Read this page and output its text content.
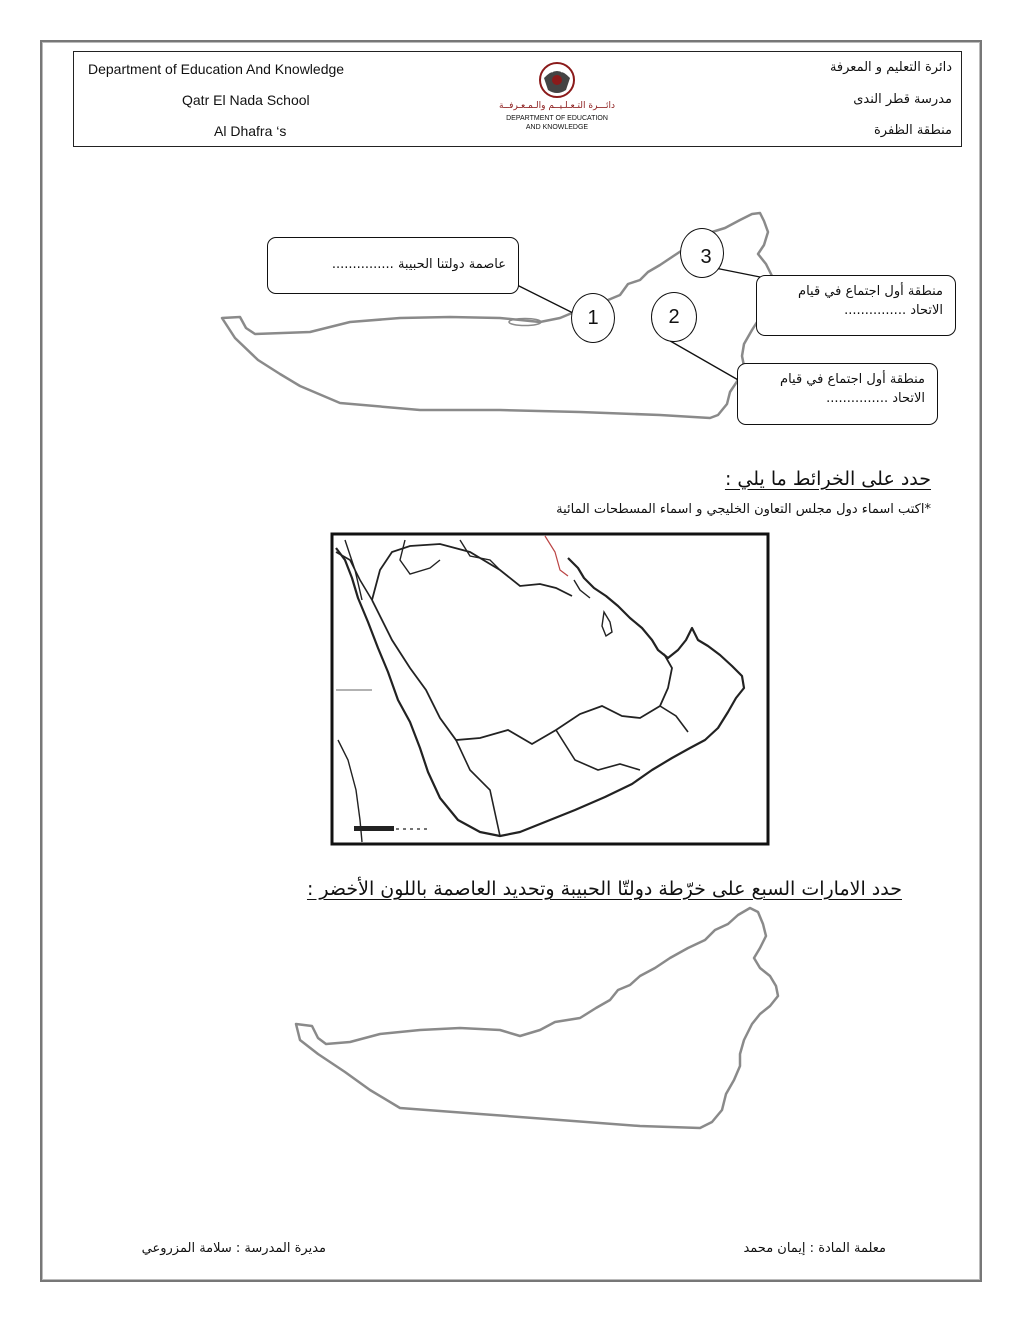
Department of Education And Knowledge
Qatr El Nada School
Al Dhafra ‘s
دائرة التعليم و المعرفة
مدرسة قطر الندى
منطقة الظفرة
دائـــرة التـعـلـيــم والـمـعـرفــة
DEPARTMENT OF EDUCATION
AND KNOWLEDGE
عاصمة دولتنا الحبيبة ...............
منطقة أول اجتماع في قيام الاتحاد ...............
منطقة أول اجتماع في قيام الاتحاد ...............
1	2
3
حدد على الخرائط ما يلي :
*اكتب اسماء دول مجلس التعاون الخليجي و اسماء المسطحات المائية
حدد الامارات السبع على خرّطة دولتّا الحبيبة وتحديد العاصمة باللون الأخضر :
معلمة المادة : إيمان محمد
مديرة المدرسة : سلامة المزروعي
